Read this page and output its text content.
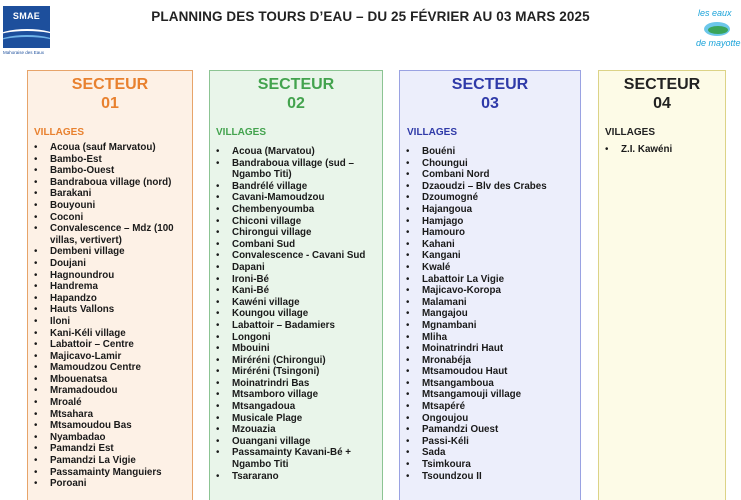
SMAE
Mahoraise des Eaux
PLANNING DES TOURS D’EAU – DU 25 FÉVRIER AU 03 MARS 2025	les eaux
de mayotte
SECTEUR
01
VILLAGES
• Acoua (sauf Marvatou)
• Bambo-Est
• Bambo-Ouest
• Bandraboua village (nord)
• Barakani
• Bouyouni
• Coconi
• Convalescence – Mdz (100 villas, vertivert)
• Dembeni village
• Doujani
• Hagnoundrou
• Handrema
• Hapandzo
• Hauts Vallons
• Iloni
• Kani-Kéli village
• Labattoir – Centre
• Majicavo-Lamir
• Mamoudzou Centre
• Mbouenatsa
• Mramadoudou
• Mroalé
• Mtsahara
• Mtsamoudou Bas
• Nyambadao
• Pamandzi Est
• Pamandzi La Vigie
• Passamainty Manguiers
• Poroani
SECTEUR
02
VILLAGES
• Acoua (Marvatou)
• Bandraboua village (sud – Ngambo Titi)
• Bandrélé village
• Cavani-Mamoudzou
• Chembenyoumba
• Chiconi village
• Chirongui village
• Combani Sud
• Convalescence - Cavani Sud
• Dapani
• Ironi-Bé
• Kani-Bé
• Kawéni village
• Koungou village
• Labattoir – Badamiers
• Longoni
• Mbouini
• Miréréni (Chirongui)
• Miréréni (Tsingoni)
• Moinatrindri Bas
• Mtsamboro village
• Mtsangadoua
• Musicale Plage
• Mzouazia
• Ouangani village
• Passamainty Kavani-Bé + Ngambo Titi
• Tsararano
SECTEUR
03
VILLAGES
• Bouéni
• Choungui
• Combani Nord
• Dzaoudzi – Blv des Crabes
• Dzoumogné
• Hajangoua
• Hamjago
• Hamouro
• Kahani
• Kangani
• Kwalé
• Labattoir La Vigie
• Majicavo-Koropa
• Malamani
• Mangajou
• Mgnambani
• Mliha
• Moinatrindri Haut
• Mronabéja
• Mtsamoudou Haut
• Mtsangamboua
• Mtsangamouji village
• Mtsapéré
• Ongoujou
• Pamandzi Ouest
• Passi-Kéli
• Sada
• Tsimkoura
• Tsoundzou II
SECTEUR
04
VILLAGES
• Z.I. Kawéni
